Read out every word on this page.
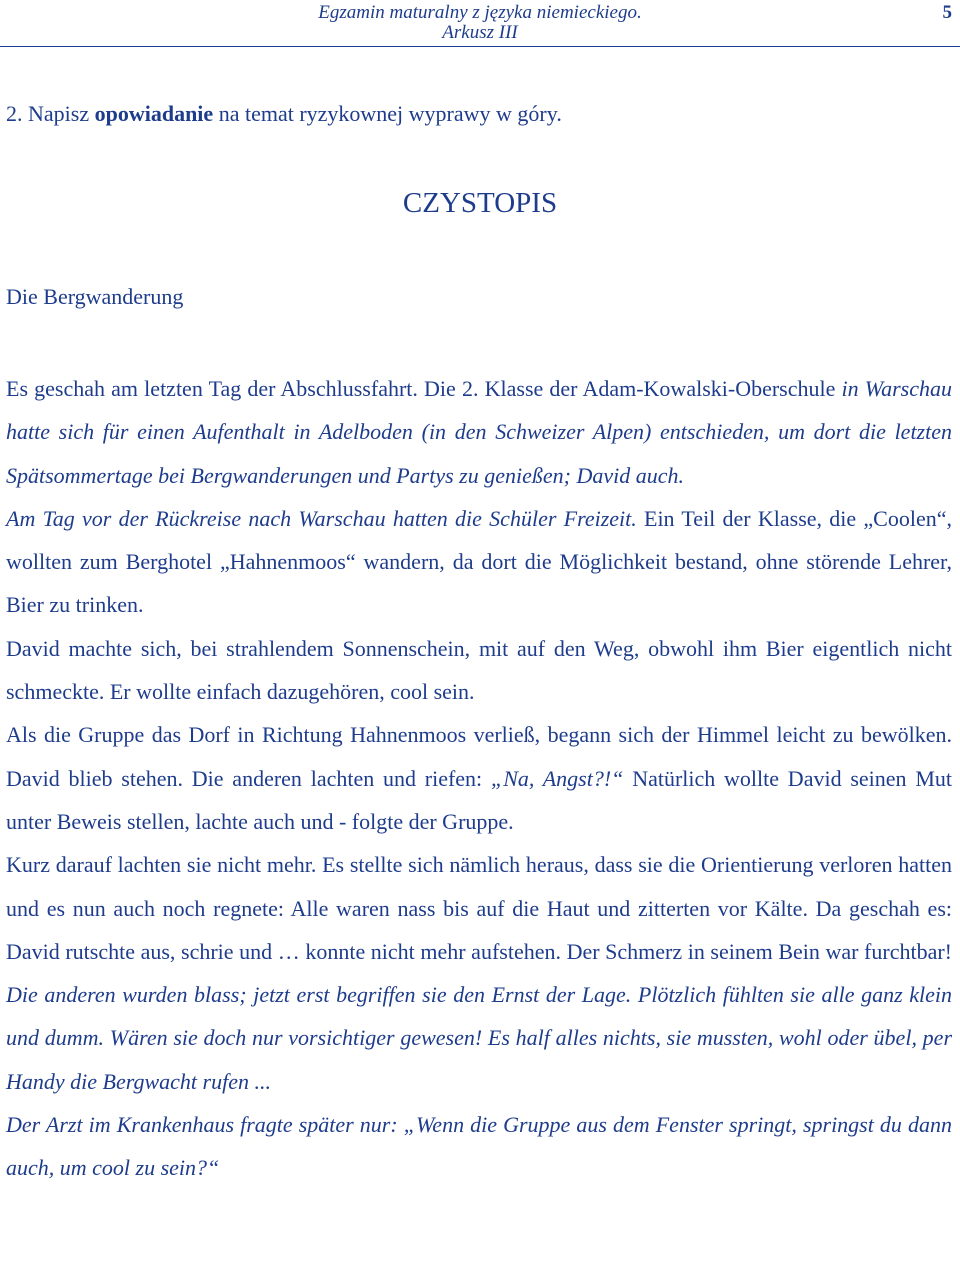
Egzamin maturalny z języka niemieckiego.
Arkusz III
5
2. Napisz opowiadanie na temat ryzykownej wyprawy w góry.
CZYSTOPIS
Die Bergwanderung

Es geschah am letzten Tag der Abschlussfahrt. Die 2. Klasse der Adam-Kowalski-Oberschule in Warschau hatte sich für einen Aufenthalt in Adelboden (in den Schweizer Alpen) entschieden, um dort die letzten Spätsommertage bei Bergwanderungen und Partys zu genießen; David auch.

Am Tag vor der Rückreise nach Warschau hatten die Schüler Freizeit. Ein Teil der Klasse, die „Coolen“, wollten zum Berghotel „Hahnenmoos“ wandern, da dort die Möglichkeit bestand, ohne störende Lehrer, Bier zu trinken.

David machte sich, bei strahlendem Sonnenschein, mit auf den Weg, obwohl ihm Bier eigentlich nicht schmeckte. Er wollte einfach dazugehören, cool sein.

Als die Gruppe das Dorf in Richtung Hahnenmoos verließ, begann sich der Himmel leicht zu bewölken. David blieb stehen. Die anderen lachten und riefen: „Na, Angst?!“ Natürlich wollte David seinen Mut unter Beweis stellen, lachte auch und - folgte der Gruppe.

Kurz darauf lachten sie nicht mehr. Es stellte sich nämlich heraus, dass sie die Orientierung verloren hatten und es nun auch noch regnete: Alle waren nass bis auf die Haut und zitterten vor Kälte. Da geschah es: David rutschte aus, schrie und … konnte nicht mehr aufstehen. Der Schmerz in seinem Bein war furchtbar! Die anderen wurden blass; jetzt erst begriffen sie den Ernst der Lage. Plötzlich fühlten sie alle ganz klein und dumm. Wären sie doch nur vorsichtiger gewesen! Es half alles nichts, sie mussten, wohl oder übel, per Handy die Bergwacht rufen ...

Der Arzt im Krankenhaus fragte später nur: „Wenn die Gruppe aus dem Fenster springt, springst du dann auch, um cool zu sein?“
